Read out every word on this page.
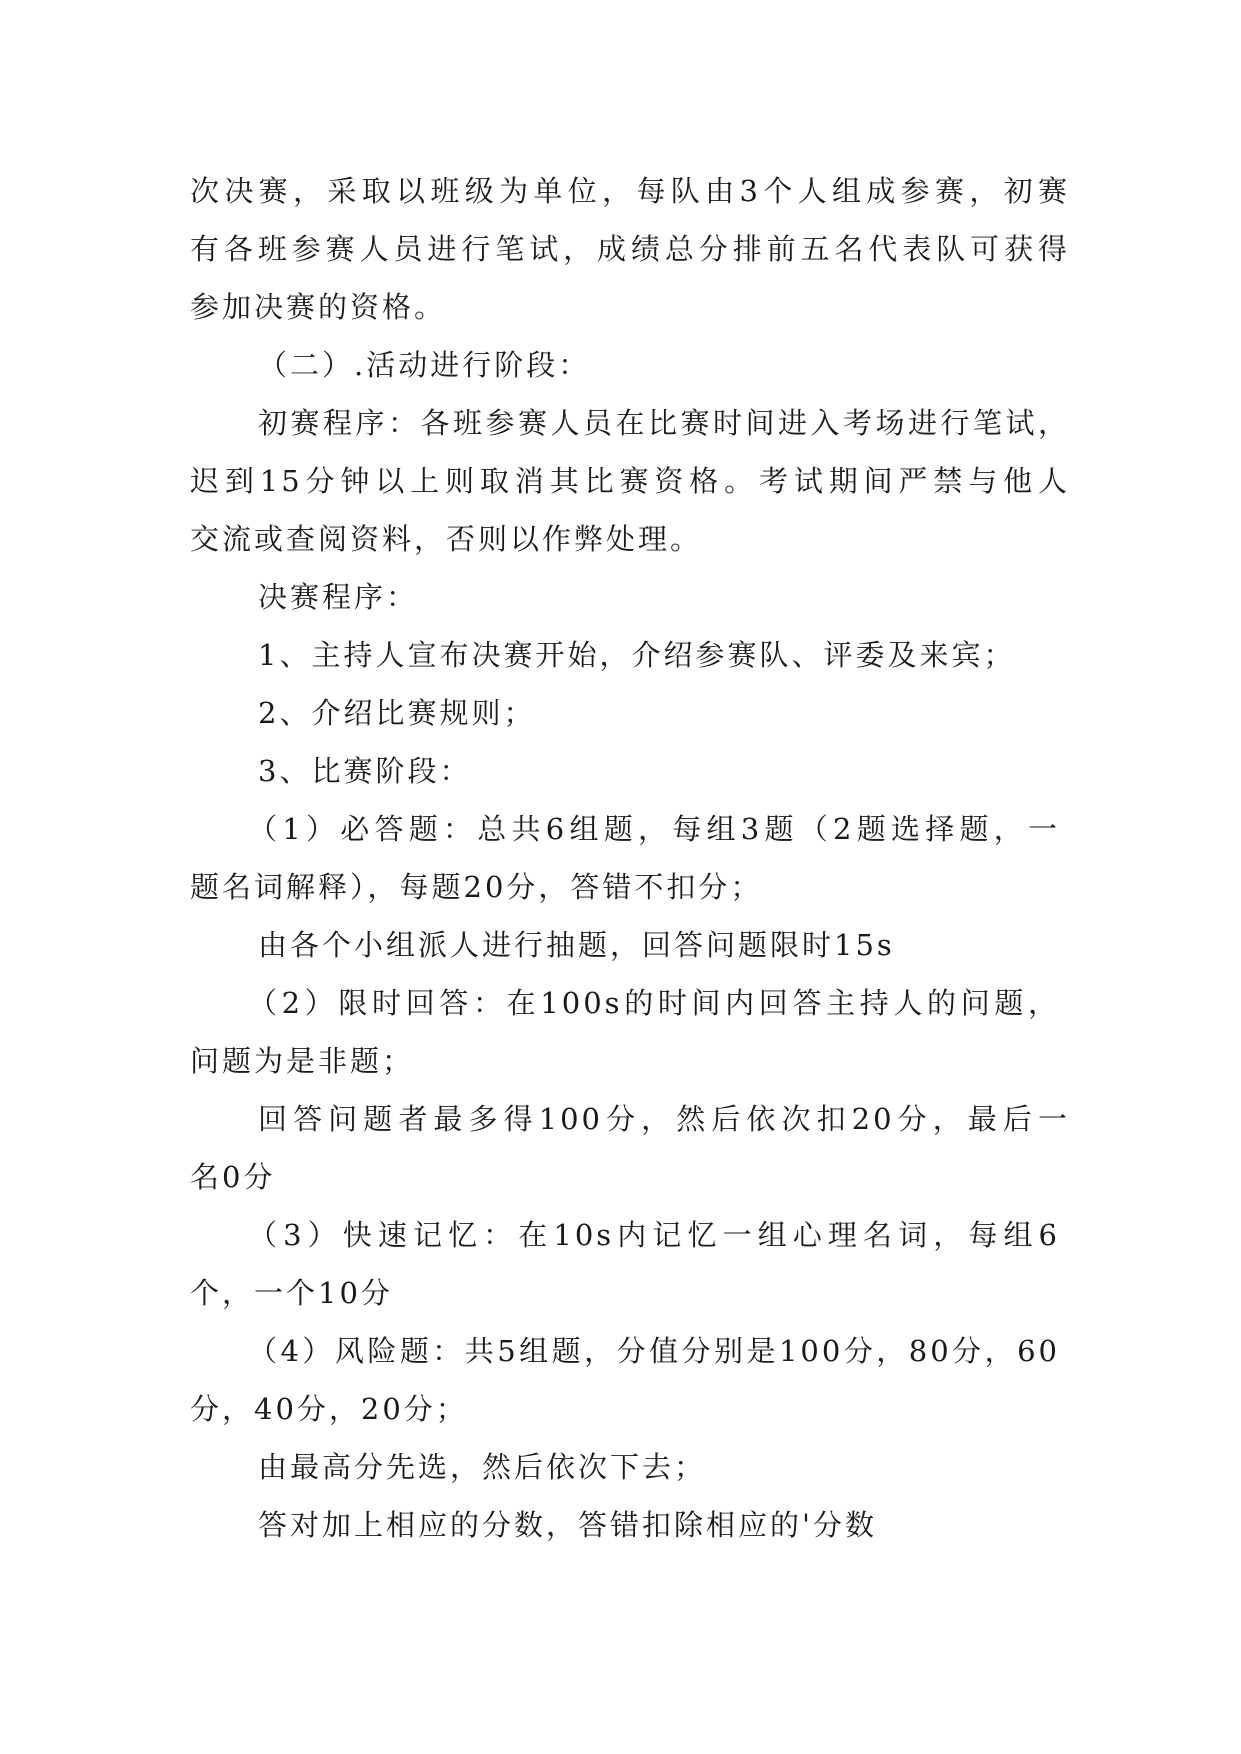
次决赛，采取以班级为单位，每队由3个人组成参赛，初赛
有各班参赛人员进行笔试，成绩总分排前五名代表队可获得
参加决赛的资格。
（二）.活动进行阶段：
初赛程序：各班参赛人员在比赛时间进入考场进行笔试，
迟到15分钟以上则取消其比赛资格。考试期间严禁与他人
交流或查阅资料，否则以作弊处理。
决赛程序：
1、主持人宣布决赛开始，介绍参赛队、评委及来宾；
2、介绍比赛规则；
3、比赛阶段：
（1）必答题：总共6组题，每组3题（2题选择题，一
题名词解释），每题20分，答错不扣分；
由各个小组派人进行抽题，回答问题限时15s
（2）限时回答：在100s的时间内回答主持人的问题，
问题为是非题；
回答问题者最多得100分，然后依次扣20分，最后一
名0分
（3）快速记忆：在10s内记忆一组心理名词，每组6
个，一个10分
（4）风险题：共5组题，分值分别是100分，80分，60
分，40分，20分；
由最高分先选，然后依次下去；
答对加上相应的分数，答错扣除相应的'分数
